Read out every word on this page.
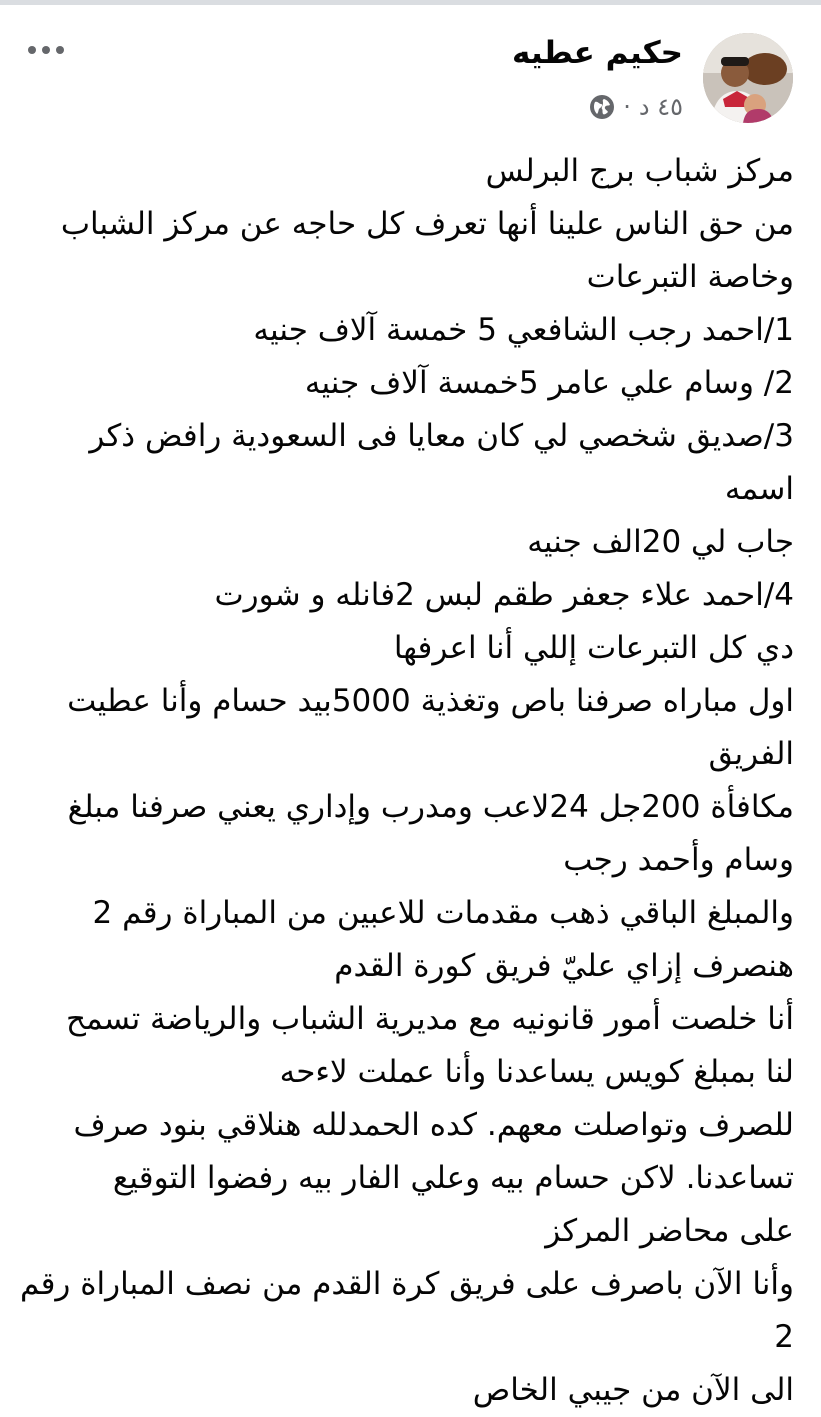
حكيم عطيه
٤٥ د
·
مركز شباب برج البرلس
من حق الناس علينا أنها تعرف كل حاجه عن مركز الشباب
وخاصة التبرعات
1/احمد رجب الشافعي 5 خمسة آلاف جنيه
2/ وسام علي عامر 5خمسة آلاف جنيه
3/صديق شخصي لي كان معايا فى السعودية رافض ذكر
اسمه
جاب لي 20الف جنيه
4/احمد علاء جعفر طقم لبس 2فانله و شورت
دي كل التبرعات إللي أنا اعرفها
اول مباراه صرفنا باص وتغذية 5000بيد حسام وأنا عطيت
الفريق
مكافأة 200جل 24لاعب ومدرب وإداري يعني صرفنا مبلغ
وسام وأحمد رجب
والمبلغ الباقي ذهب مقدمات للاعبين من المباراة رقم 2
هنصرف إزاي عليّ فريق كورة القدم
أنا خلصت أمور قانونيه مع مديرية الشباب والرياضة تسمح
لنا بمبلغ كويس يساعدنا وأنا عملت لاءحه
للصرف وتواصلت معهم. كده الحمدلله هنلاقي بنود صرف
تساعدنا. لاكن حسام بيه وعلي الفار بيه رفضوا التوقيع
على محاضر المركز
وأنا الآن باصرف على فريق كرة القدم من نصف المباراة رقم
2
الى الآن من جيبي الخاص
